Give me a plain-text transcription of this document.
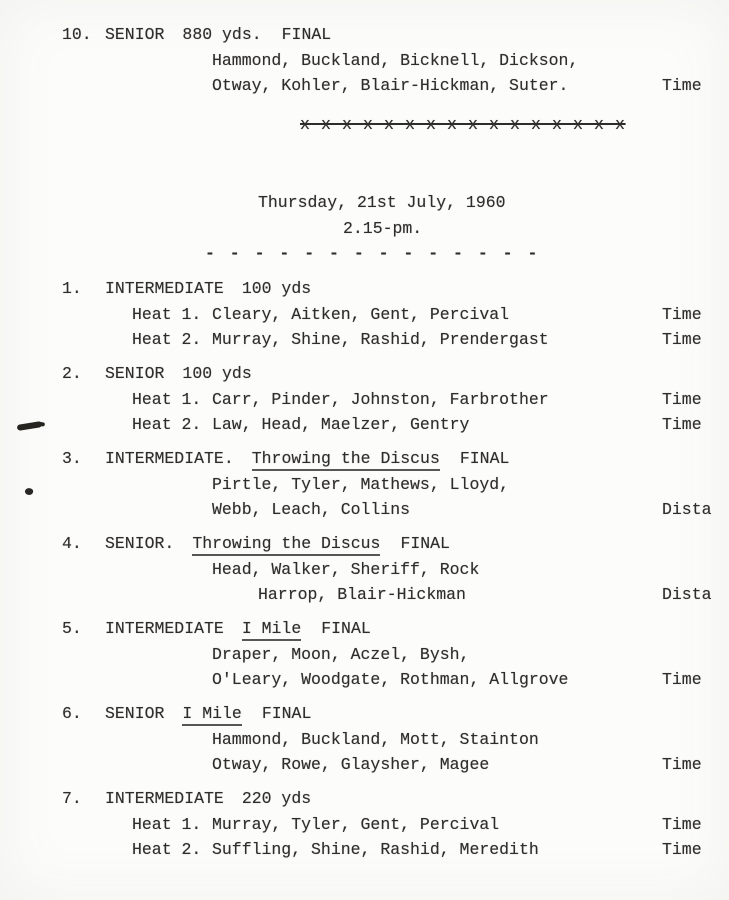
10. SENIOR 880 yds. FINAL
Hammond, Buckland, Bicknell, Dickson,
Otway, Kohler, Blair-Hickman, Suter.	Time
x x x x x x x x x x x x x x x x
Thursday, 21st July, 1960
2.15-pm.
- - - - - - - - - - - - - -
1. INTERMEDIATE 100 yds
Heat 1. Cleary, Aitken, Gent, Percival	Time
Heat 2. Murray, Shine, Rashid, Prendergast	Time
2. SENIOR 100 yds
Heat 1. Carr, Pinder, Johnston, Farbrother	Time
Heat 2. Law, Head, Maelzer, Gentry	Time
3. INTERMEDIATE. Throwing the Discus FINAL
Pirtle, Tyler, Mathews, Lloyd,
Webb, Leach, Collins	Dista
4. SENIOR. Throwing the Discus FINAL
Head, Walker, Sheriff, Rock
Harrop, Blair-Hickman	Dista
5. INTERMEDIATE I Mile FINAL
Draper, Moon, Aczel, Bysh,
O'Leary, Woodgate, Rothman, Allgrove	Time
6. SENIOR I Mile FINAL
Hammond, Buckland, Mott, Stainton
Otway, Rowe, Glaysher, Magee	Time
7. INTERMEDIATE 220 yds
Heat 1. Murray, Tyler, Gent, Percival	Time
Heat 2. Suffling, Shine, Rashid, Meredith	Time
